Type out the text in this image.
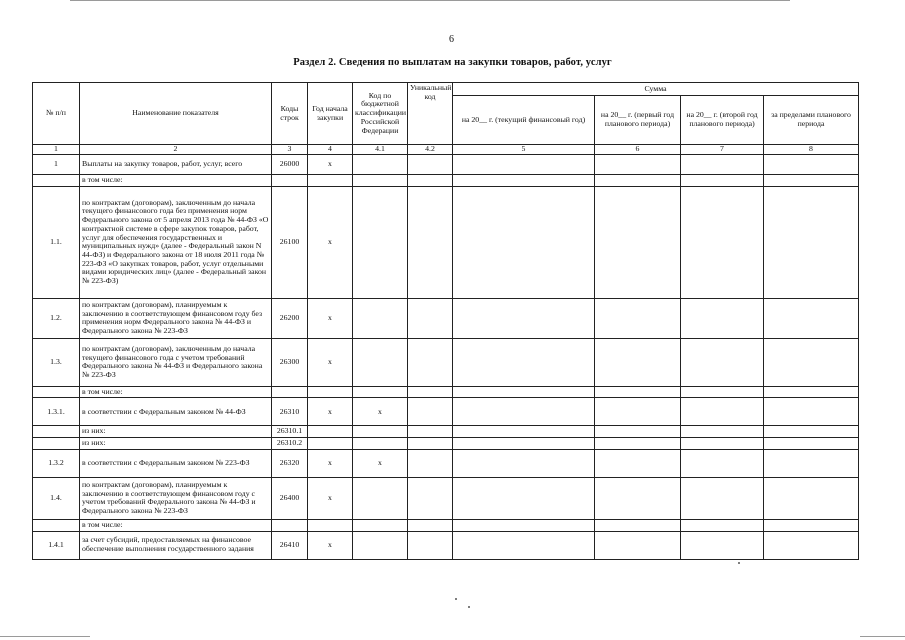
6
Раздел 2. Сведения по выплатам на закупки товаров, работ, услуг
№ п/п	Наименование показателя	Коды строк	Год начала закупки	Код по бюджетной классификации Российской Федерации	Уникальный код	Сумма			
						на 20__ г. (текущий финансовый год)	на 20__ г. (первый год планового периода)	на 20__ г. (второй год планового периода)	за пределами планового периода
1	2	3	4	4.1	4.2	5	6	7	8
1	Выплаты на закупку товаров, работ, услуг, всего	26000	х						
	в том числе:								
1.1.	по контрактам (договорам), заключенным до начала текущего финансового года без применения норм Федерального закона от 5 апреля 2013 года № 44-ФЗ «О контрактной системе в сфере закупок товаров, работ, услуг для обеспечения государственных и муниципальных нужд» (далее - Федеральный закон N 44-ФЗ) и Федерального закона от 18 июля 2011 года № 223-ФЗ «О закупках товаров, работ, услуг отдельными видами юридических лиц» (далее - Федеральный закон № 223-ФЗ)	26100	х						
1.2.	по контрактам (договорам), планируемым к заключению в соответствующем финансовом году без применения норм Федерального закона № 44-ФЗ и Федерального закона № 223-ФЗ	26200	х						
1.3.	по контрактам (договорам), заключенным до начала текущего финансового года с учетом требований Федерального закона № 44-ФЗ и Федерального закона № 223-ФЗ	26300	х						
	в том числе:								
1.3.1.	в соответствии с Федеральным законом № 44-ФЗ	26310	х	х					
	из них:	26310.1							
	из них:	26310.2							
1.3.2	в соответствии с Федеральным законом № 223-ФЗ	26320	х	х					
1.4.	по контрактам (договорам), планируемым к заключению в соответствующем финансовом году с учетом требований Федерального закона № 44-ФЗ и Федерального закона № 223-ФЗ	26400	х						
	в том числе:								
1.4.1	за счет субсидий, предоставляемых на финансовое обеспечение выполнения государственного задания	26410	х						
